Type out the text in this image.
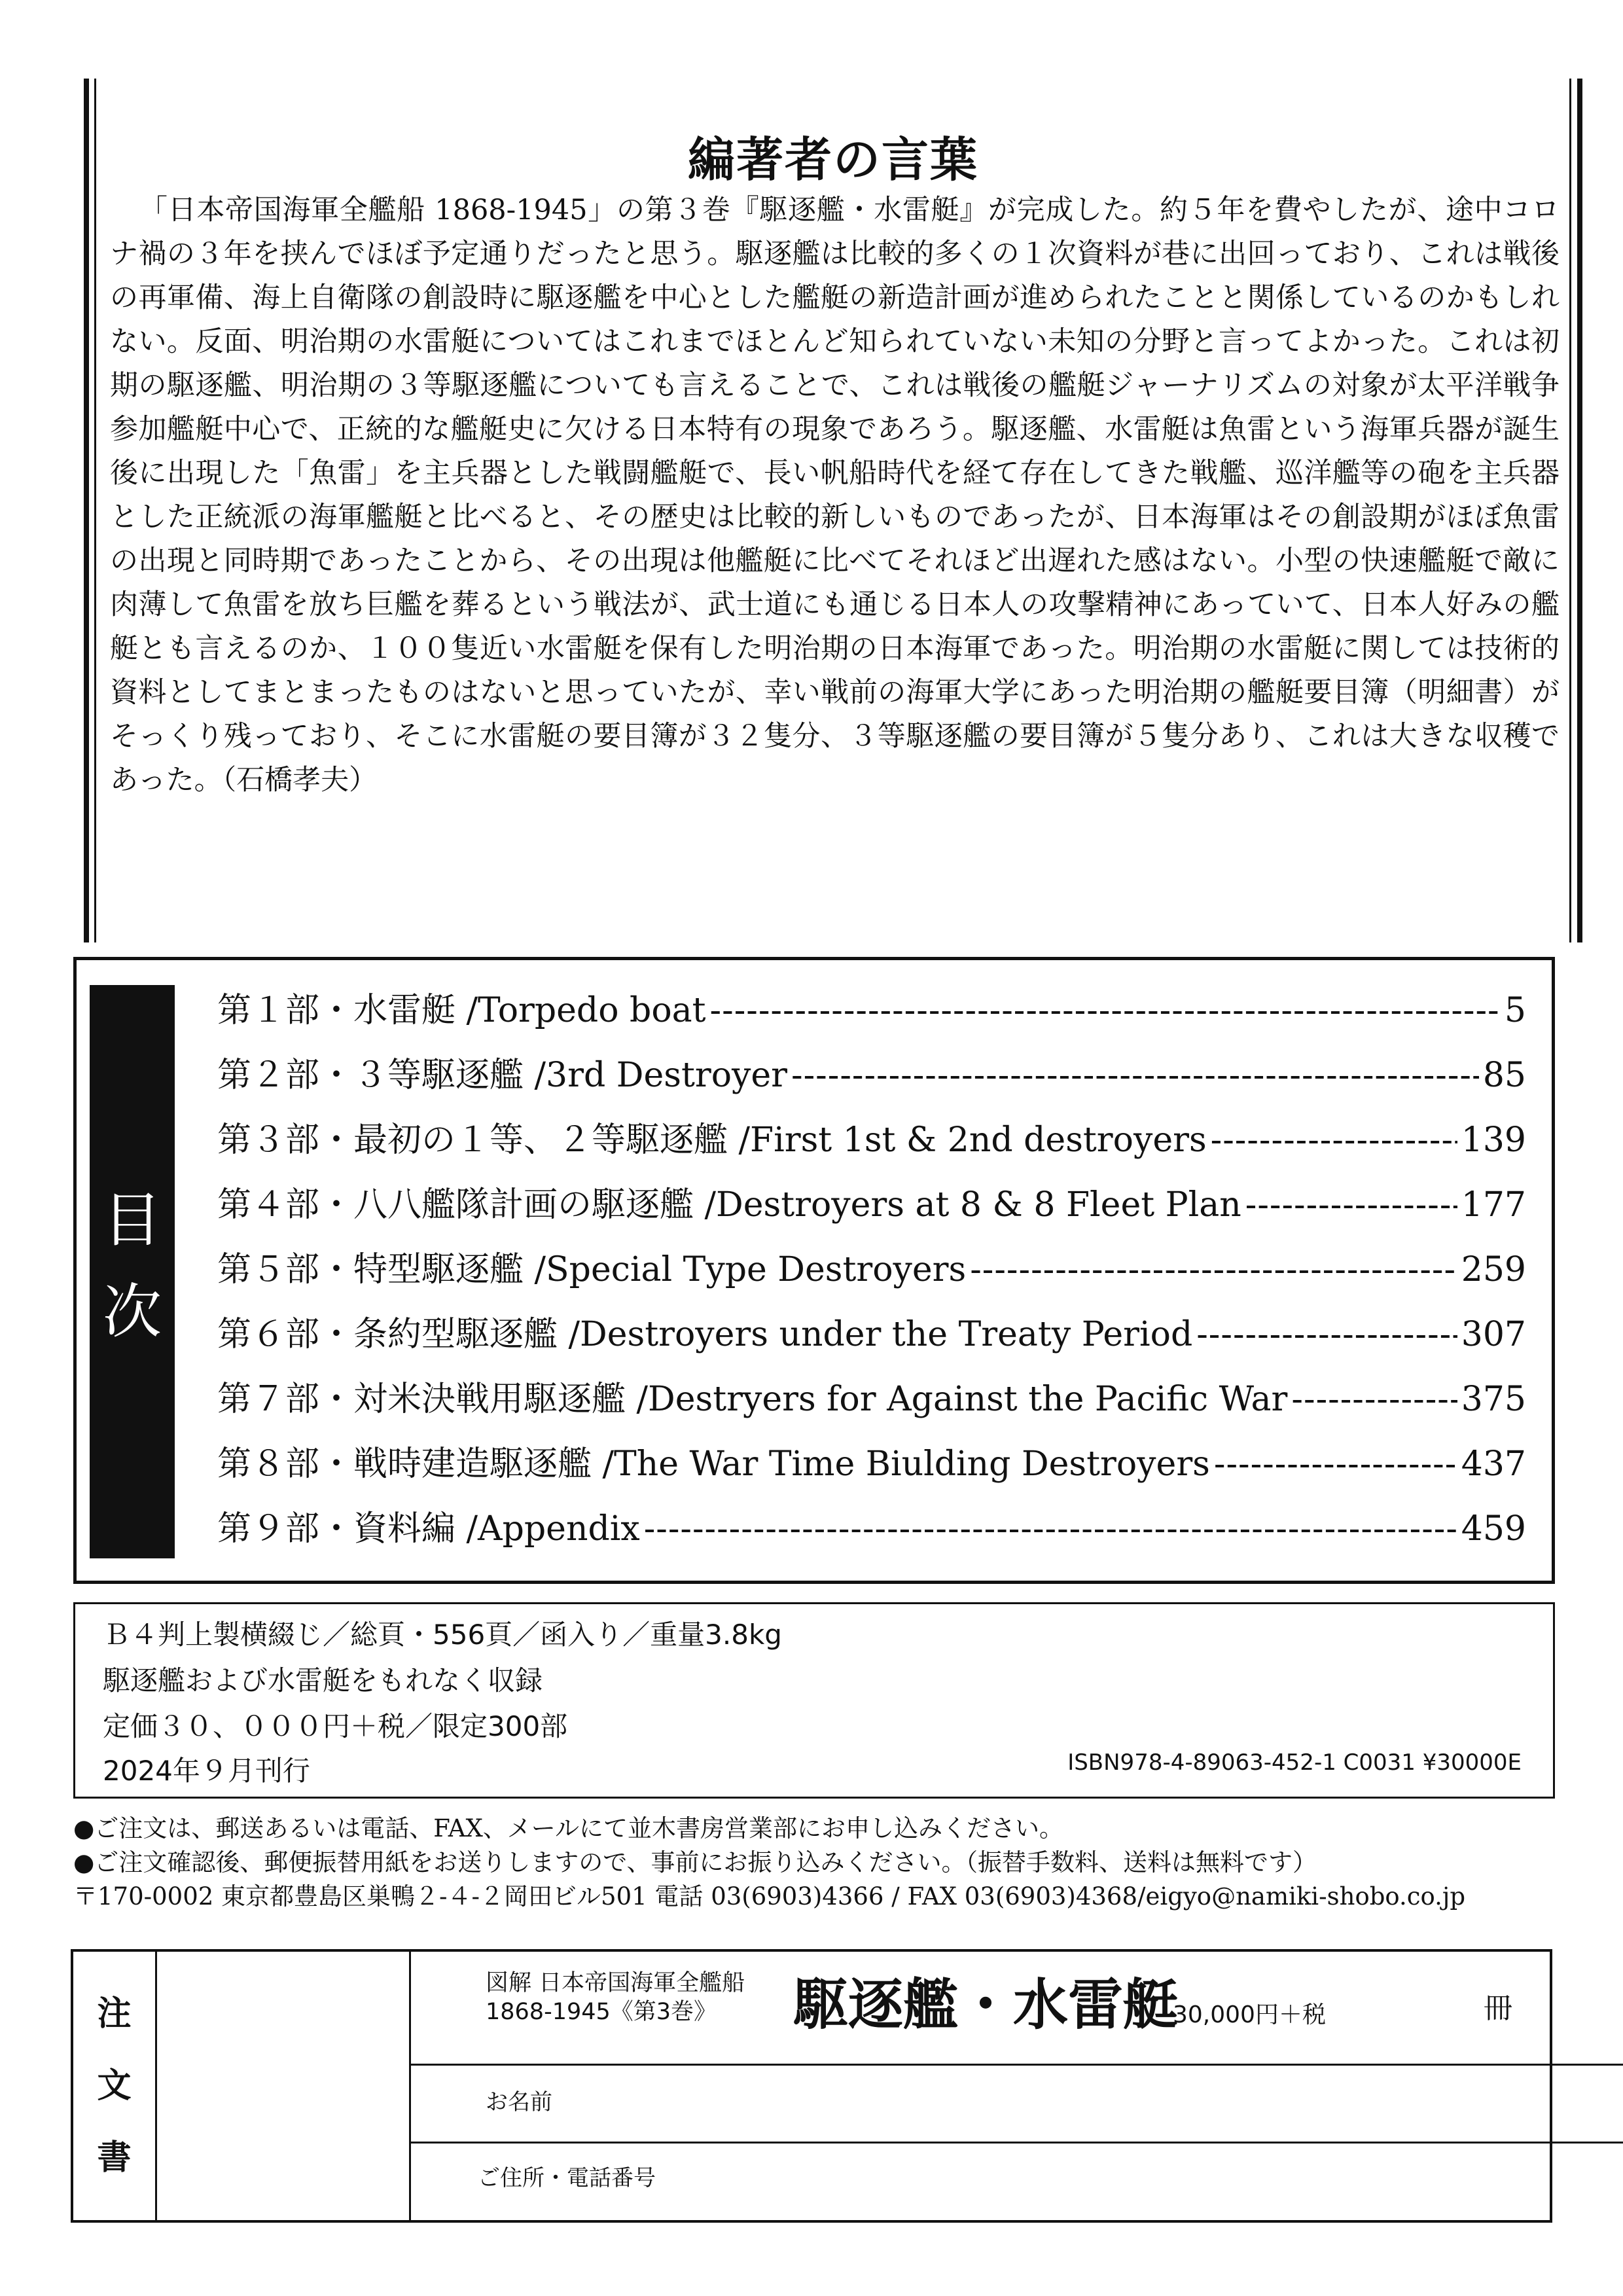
編著者の言葉

「日本帝国海軍全艦船 1868-1945」の第３巻『駆逐艦・水雷艇』が完成した。約５年を費やしたが、途中コロナ禍の３年を挟んでほぼ予定通りだったと思う。駆逐艦は比較的多くの１次資料が巷に出回っており、これは戦後の再軍備、海上自衛隊の創設時に駆逐艦を中心とした艦艇の新造計画が進められたことと関係しているのかもしれない。反面、明治期の水雷艇についてはこれまでほとんど知られていない未知の分野と言ってよかった。これは初期の駆逐艦、明治期の３等駆逐艦についても言えることで、これは戦後の艦艇ジャーナリズムの対象が太平洋戦争参加艦艇中心で、正統的な艦艇史に欠ける日本特有の現象であろう。駆逐艦、水雷艇は魚雷という海軍兵器が誕生後に出現した「魚雷」を主兵器とした戦闘艦艇で、長い帆船時代を経て存在してきた戦艦、巡洋艦等の砲を主兵器とした正統派の海軍艦艇と比べると、その歴史は比較的新しいものであったが、日本海軍はその創設期がほぼ魚雷の出現と同時期であったことから、その出現は他艦艇に比べてそれほど出遅れた感はない。小型の快速艦艇で敵に肉薄して魚雷を放ち巨艦を葬るという戦法が、武士道にも通じる日本人の攻撃精神にあっていて、日本人好みの艦艇とも言えるのか、１００隻近い水雷艇を保有した明治期の日本海軍であった。明治期の水雷艇に関しては技術的資料としてまとまったものはないと思っていたが、幸い戦前の海軍大学にあった明治期の艦艇要目簿（明細書）がそっくり残っており、そこに水雷艇の要目簿が３２隻分、３等駆逐艦の要目簿が５隻分あり、これは大きな収穫であった。（石橋孝夫）

目
次
第１部・水雷艇 /Torpedo boat -----	5
第２部・３等駆逐艦 /3rd Destroyer -----	85
第３部・最初の１等、２等駆逐艦 /First 1st & 2nd destroyers -----	139
第４部・八八艦隊計画の駆逐艦 /Destroyers at 8 & 8 Fleet Plan -----	177
第５部・特型駆逐艦 /Special Type Destroyers -----	259
第６部・条約型駆逐艦 /Destroyers under the Treaty Period -----	307
第７部・対米決戦用駆逐艦 /Destryers for Against the Pacific War -----	375
第８部・戦時建造駆逐艦 /The War Time Biulding Destroyers -----	437
第９部・資料編 /Appendix -----	459
Ｂ４判上製横綴じ／総頁・556頁／函入り／重量3.8kg
駆逐艦および水雷艇をもれなく収録
定価３０、０００円＋税／限定300部
2024年９月刊行	ISBN978-4-89063-452-1 C0031 ¥30000E
●ご注文は、郵送あるいは電話、FAX、メールにて並木書房営業部にお申し込みください。
●ご注文確認後、郵便振替用紙をお送りしますので、事前にお振り込みください。（振替手数料、送料は無料です）
〒170-0002 東京都豊島区巣鴨２-４-２岡田ビル501 電話 03(6903)4366 / FAX 03(6903)4368/eigyo@namiki-shobo.co.jp
注
文
書
図解 日本帝国海軍全艦船
1868-1945《第3巻》	駆逐艦・水雷艇
30,000円＋税	冊
お名前
ご住所・電話番号
